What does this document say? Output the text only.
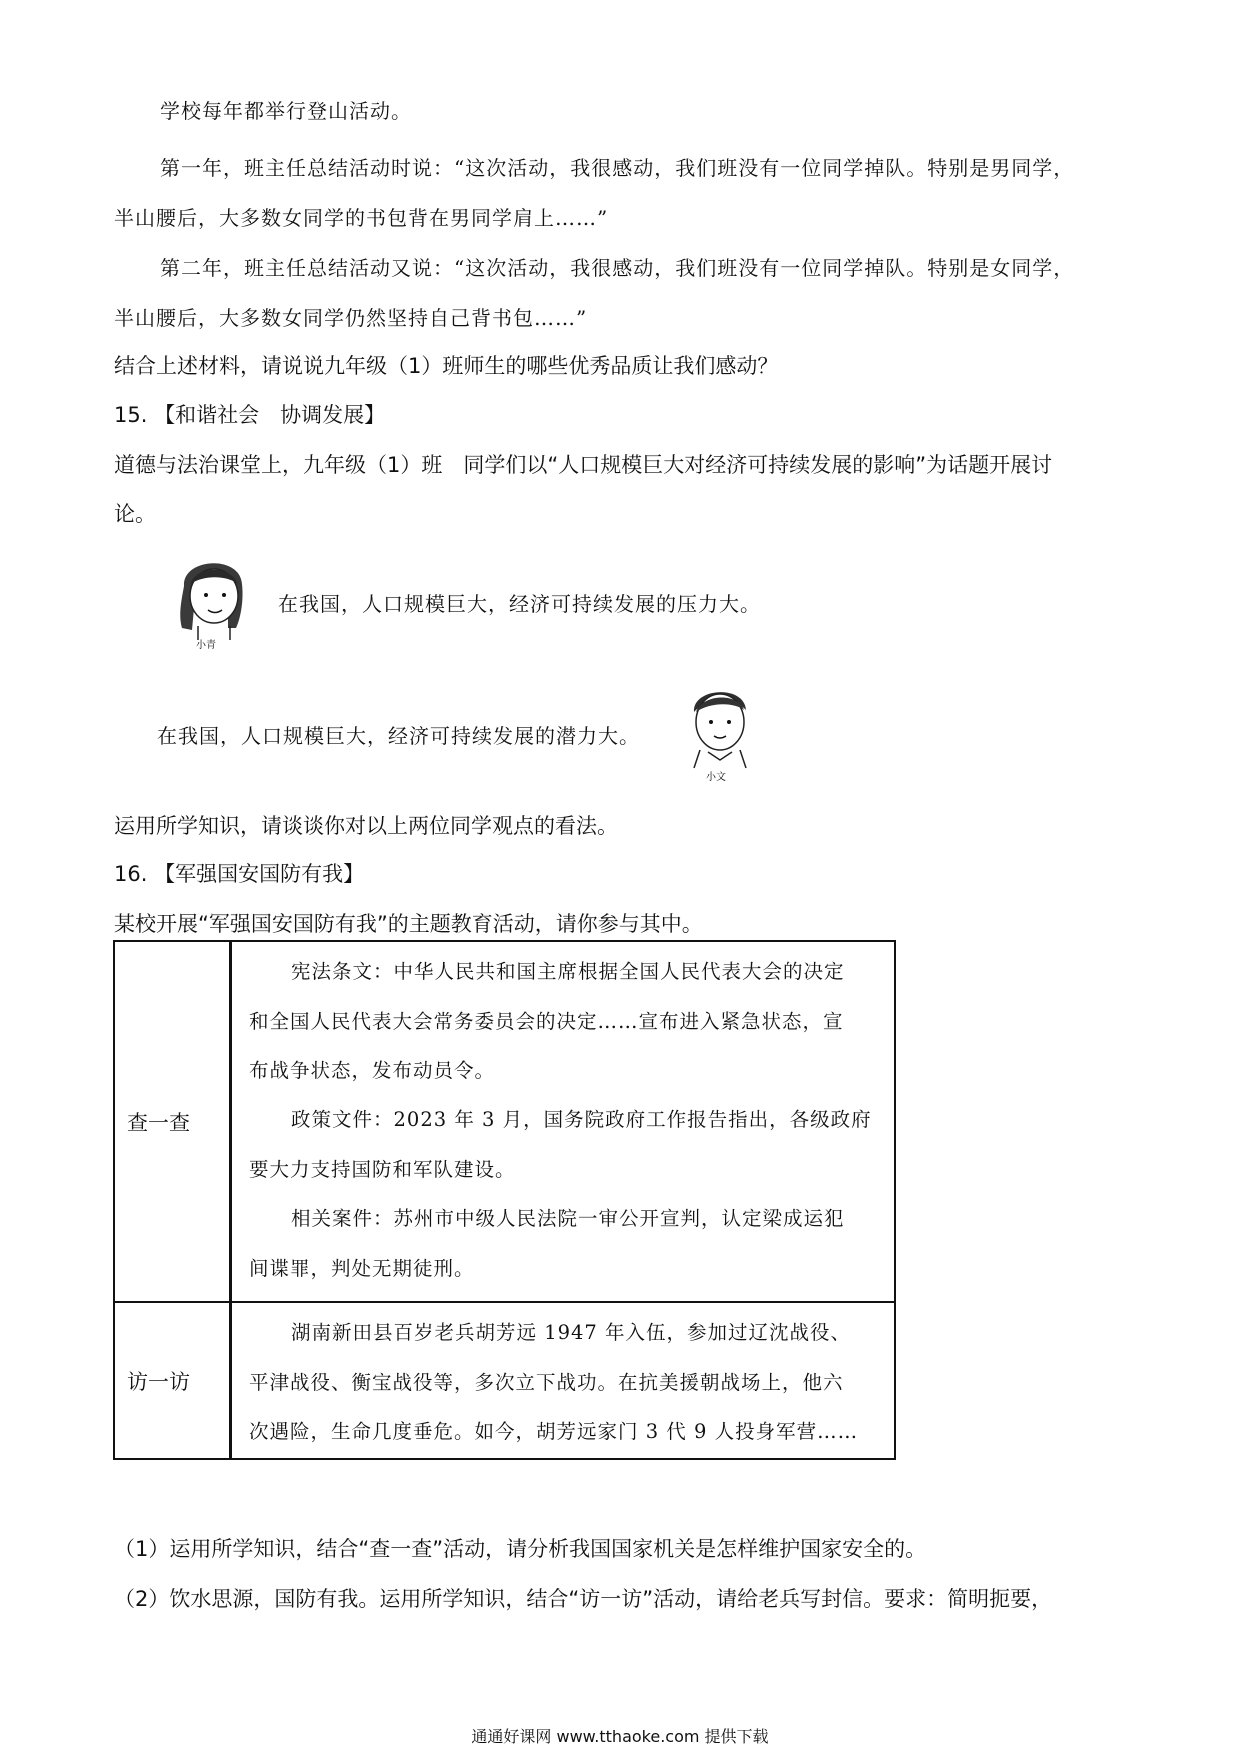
学校每年都举行登山活动。
第一年，班主任总结活动时说：“这次活动，我很感动，我们班没有一位同学掉队。特别是男同学，
半山腰后，大多数女同学的书包背在男同学肩上……”
第二年，班主任总结活动又说：“这次活动，我很感动，我们班没有一位同学掉队。特别是女同学，
半山腰后，大多数女同学仍然坚持自己背书包……”
结合上述材料，请说说九年级（1）班师生的哪些优秀品质让我们感动？
15. 【和谐社会　协调发展】
道德与法治课堂上，九年级（1）班　同学们以“人口规模巨大对经济可持续发展的影响”为话题开展讨
论。
小青
在我国，人口规模巨大，经济可持续发展的压力大。
在我国，人口规模巨大，经济可持续发展的潜力大。
小文
运用所学知识，请谈谈你对以上两位同学观点的看法。
16. 【军强国安国防有我】
某校开展“军强国安国防有我”的主题教育活动，请你参与其中。
查一查
宪法条文：中华人民共和国主席根据全国人民代表大会的决定
和全国人民代表大会常务委员会的决定……宣布进入紧急状态，宣
布战争状态，发布动员令。
政策文件：2023 年 3 月，国务院政府工作报告指出，各级政府
要大力支持国防和军队建设。
相关案件：苏州市中级人民法院一审公开宣判，认定梁成运犯
间谍罪，判处无期徒刑。
访一访
湖南新田县百岁老兵胡芳远 1947 年入伍，参加过辽沈战役、
平津战役、衡宝战役等，多次立下战功。在抗美援朝战场上，他六
次遇险，生命几度垂危。如今，胡芳远家门 3 代 9 人投身军营……
（1）运用所学知识，结合“查一查”活动，请分析我国国家机关是怎样维护国家安全的。
（2）饮水思源，国防有我。运用所学知识，结合“访一访”活动，请给老兵写封信。要求：简明扼要，
通通好课网 www.tthaoke.com 提供下载
